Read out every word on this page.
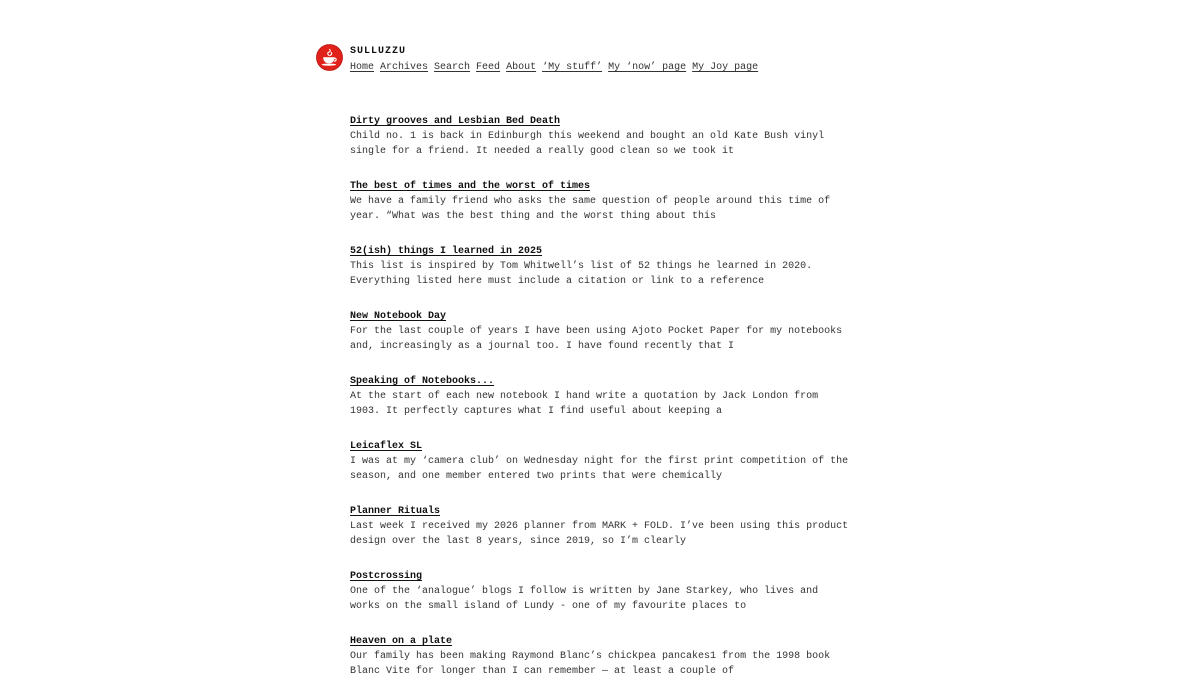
SULLUZZU
Home Archives Search Feed About ‘My stuff’ My ‘now’ page My Joy page
Dirty grooves and Lesbian Bed Death

Child no. 1 is back in Edinburgh this weekend and bought an old Kate Bush vinyl single for a friend. It needed a really good clean so we took it

The best of times and the worst of times

We have a family friend who asks the same question of people around this time of year. “What was the best thing and the worst thing about this

52(ish) things I learned in 2025

This list is inspired by Tom Whitwell’s list of 52 things he learned in 2020. Everything listed here must include a citation or link to a reference

New Notebook Day

For the last couple of years I have been using Ajoto Pocket Paper for my notebooks and, increasingly as a journal too. I have found recently that I

Speaking of Notebooks...

At the start of each new notebook I hand write a quotation by Jack London from 1903. It perfectly captures what I find useful about keeping a

Leicaflex SL

I was at my ‘camera club’ on Wednesday night for the first print competition of the season, and one member entered two prints that were chemically

Planner Rituals

Last week I received my 2026 planner from MARK + FOLD. I’ve been using this product design over the last 8 years, since 2019, so I’m clearly

Postcrossing

One of the ‘analogue’ blogs I follow is written by Jane Starkey, who lives and works on the small island of Lundy - one of my favourite places to

Heaven on a plate

Our family has been making Raymond Blanc’s chickpea pancakes1 from the 1998 book Blanc Vite for longer than I can remember — at least a couple of
